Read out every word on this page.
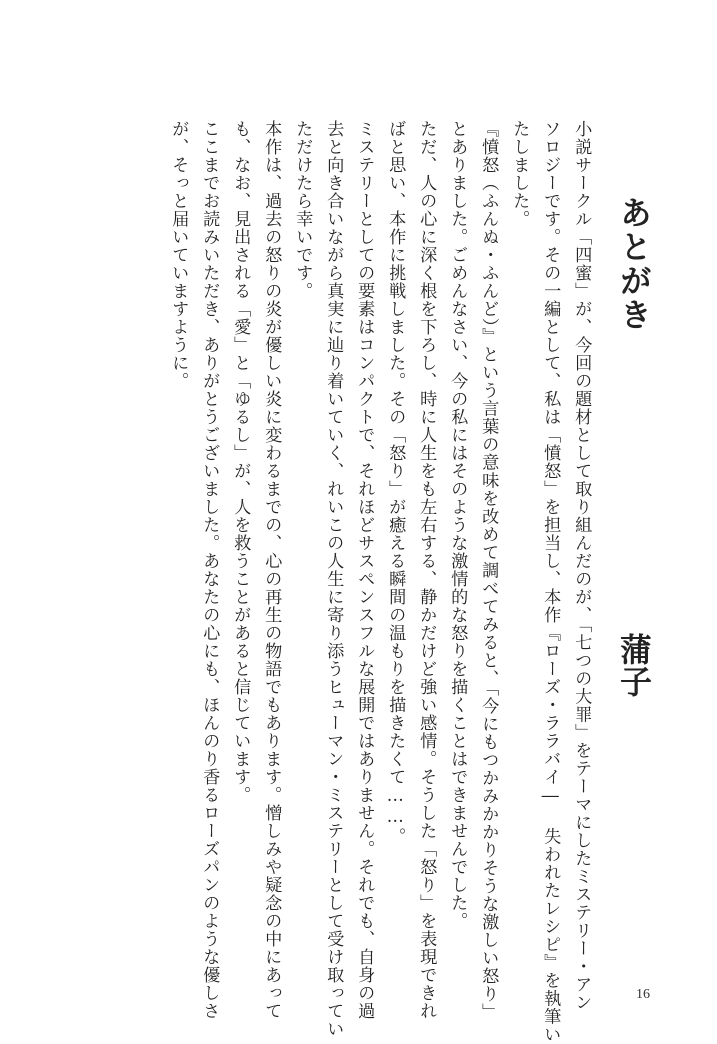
あとがき
蒲子
小説サークル「四蜜」が、今回の題材として取り組んだのが、「七つの大罪」をテーマにしたミステリー・アン
ソロジーです。その一編として、私は「憤怒」を担当し、本作『ローズ・ララバイ― 失われたレシピ』を執筆い
たしました。
『憤怒（ふんぬ・ふんど）』という言葉の意味を改めて調べてみると、「今にもつかみかかりそうな激しい怒り」
とありました。ごめんなさい、今の私にはそのような激情的な怒りを描くことはできませんでした。
ただ、人の心に深く根を下ろし、時に人生をも左右する、静かだけど強い感情。そうした「怒り」を表現できれ
ばと思い、本作に挑戦しました。その「怒り」が癒える瞬間の温もりを描きたくて……。
ミステリーとしての要素はコンパクトで、それほどサスペンスフルな展開ではありません。それでも、自身の過
去と向き合いながら真実に辿り着いていく、れいこの人生に寄り添うヒューマン・ミステリーとして受け取ってい
ただけたら幸いです。
本作は、過去の怒りの炎が優しい炎に変わるまでの、心の再生の物語でもあります。憎しみや疑念の中にあって
も、なお、見出される「愛」と「ゆるし」が、人を救うことがあると信じています。
ここまでお読みいただき、ありがとうございました。あなたの心にも、ほんのり香るローズパンのような優しさ
が、そっと届いていますように。
16
